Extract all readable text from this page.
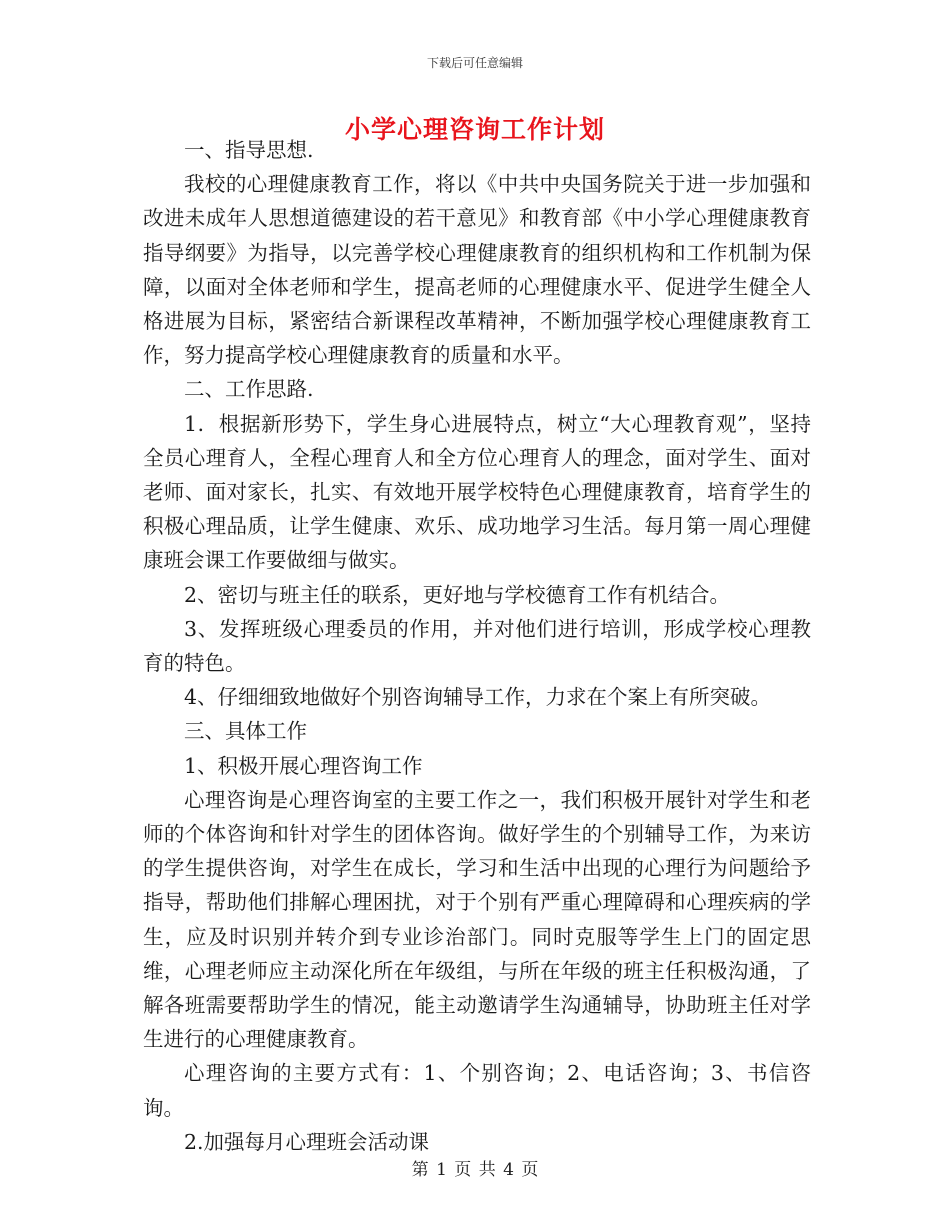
下载后可任意编辑
小学心理咨询工作计划

一、指导思想.

我校的心理健康教育工作，将以《中共中央国务院关于进一步加强和改进未成年人思想道德建设的若干意见》和教育部《中小学心理健康教育指导纲要》为指导，以完善学校心理健康教育的组织机构和工作机制为保障，以面对全体老师和学生，提高老师的心理健康水平、促进学生健全人格进展为目标，紧密结合新课程改革精神，不断加强学校心理健康教育工作，努力提高学校心理健康教育的质量和水平。

二、工作思路.

1．根据新形势下，学生身心进展特点，树立“大心理教育观”，坚持全员心理育人，全程心理育人和全方位心理育人的理念，面对学生、面对老师、面对家长，扎实、有效地开展学校特色心理健康教育，培育学生的积极心理品质，让学生健康、欢乐、成功地学习生活。每月第一周心理健康班会课工作要做细与做实。

2、密切与班主任的联系，更好地与学校德育工作有机结合。

3、发挥班级心理委员的作用，并对他们进行培训，形成学校心理教育的特色。

4、仔细细致地做好个别咨询辅导工作，力求在个案上有所突破。

三、具体工作

1、积极开展心理咨询工作

心理咨询是心理咨询室的主要工作之一，我们积极开展针对学生和老师的个体咨询和针对学生的团体咨询。做好学生的个别辅导工作，为来访的学生提供咨询，对学生在成长，学习和生活中出现的心理行为问题给予指导，帮助他们排解心理困扰，对于个别有严重心理障碍和心理疾病的学生，应及时识别并转介到专业诊治部门。同时克服等学生上门的固定思维，心理老师应主动深化所在年级组，与所在年级的班主任积极沟通，了解各班需要帮助学生的情况，能主动邀请学生沟通辅导，协助班主任对学生进行的心理健康教育。

心理咨询的主要方式有：1、个别咨询；2、电话咨询；3、书信咨询。

2.加强每月心理班会活动课

第 1 页 共 4 页
